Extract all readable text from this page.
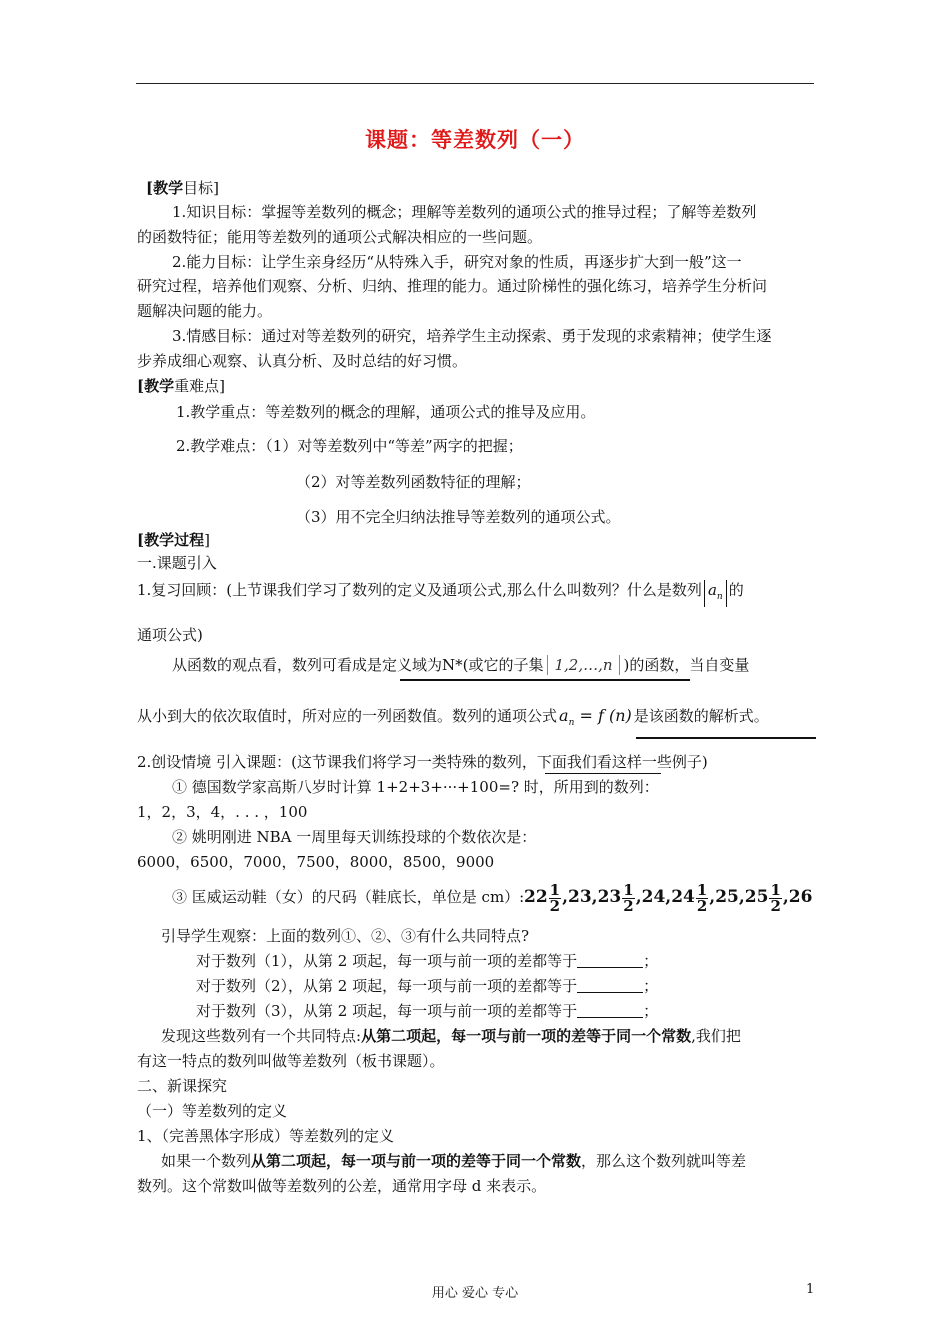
课题：等差数列（一）
[教学目标]
1.知识目标：掌握等差数列的概念；理解等差数列的通项公式的推导过程；了解等差数列
的函数特征；能用等差数列的通项公式解决相应的一些问题。
2.能力目标：让学生亲身经历“从特殊入手，研究对象的性质，再逐步扩大到一般”这一
研究过程，培养他们观察、分析、归纳、推理的能力。通过阶梯性的强化练习，培养学生分析问
题解决问题的能力。
3.情感目标：通过对等差数列的研究，培养学生主动探索、勇于发现的求索精神；使学生逐
步养成细心观察、认真分析、及时总结的好习惯。
[教学重难点]
1.教学重点：等差数列的概念的理解，通项公式的推导及应用。
2.教学难点：（1）对等差数列中“等差”两字的把握；
（2）对等差数列函数特征的理解；
（3）用不完全归纳法推导等差数列的通项公式。
[教学过程]
一.课题引入
1.复习回顾：(上节课我们学习了数列的定义及通项公式,那么什么叫数列？什么是数列 $a_n$ 的
通项公式)
从函数的观点看，数列可看成是定义域为N*(或它的子集 1,2,…,n )的函数，当自变量
从小到大的依次取值时，所对应的一列函数值。数列的通项公式 $a_n = f$ (n) 是该函数的解析式。
2.创设情境 引入课题：(这节课我们将学习一类特殊的数列，下面我们看这样一些例子)
① 德国数学家高斯八岁时计算 1+2+3+···+100=? 时，所用到的数列：
1，2，3，4，. . . ，100
② 姚明刚进 NBA 一周里每天训练投球的个数依次是：
6000，6500，7000，7500，8000，8500，9000
③ 匡威运动鞋（女）的尺码（鞋底长，单位是 cm）: $22 \frac{1}{2} ,23,23 \frac{1}{2} ,24,24 \frac{1}{2} ,25,25 \frac{1}{2} ,26$
引导学生观察：上面的数列①、②、③有什么共同特点?
对于数列（1），从第 2 项起，每一项与前一项的差都等于	；
对于数列（2），从第 2 项起，每一项与前一项的差都等于	；
对于数列（3），从第 2 项起，每一项与前一项的差都等于	；
发现这些数列有一个共同特点:从第二项起，每一项与前一项的差等于同一个常数,我们把
有这一特点的数列叫做等差数列（板书课题）。
二、新课探究
（一）等差数列的定义
1、（完善黑体字形成）等差数列的定义
如果一个数列从第二项起，每一项与前一项的差等于同一个常数，那么这个数列就叫等差
数列。这个常数叫做等差数列的公差，通常用字母 d 来表示。
用心 爱心 专心	1
